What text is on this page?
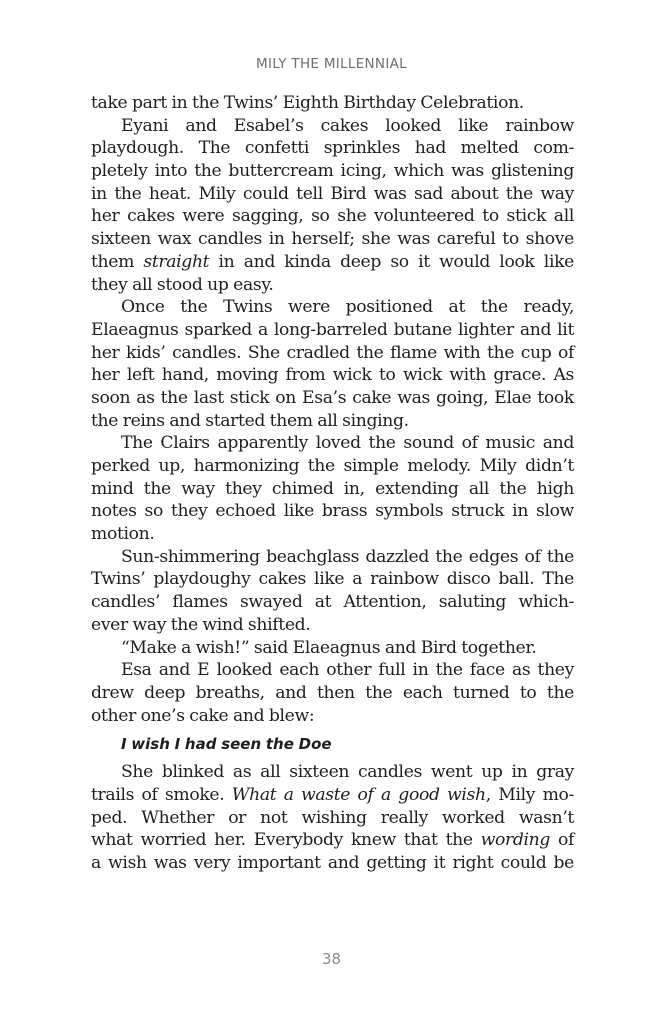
MILY THE MILLENNIAL
take part in the Twins’ Eighth Birthday Celebration.
Eyani and Esabel’s cakes looked like rainbow
playdough. The confetti sprinkles had melted com-
pletely into the buttercream icing, which was glistening
in the heat. Mily could tell Bird was sad about the way
her cakes were sagging, so she volunteered to stick all
sixteen wax candles in herself; she was careful to shove
them straight in and kinda deep so it would look like
they all stood up easy.
Once the Twins were positioned at the ready,
Elaeagnus sparked a long-barreled butane lighter and lit
her kids’ candles. She cradled the flame with the cup of
her left hand, moving from wick to wick with grace. As
soon as the last stick on Esa’s cake was going, Elae took
the reins and started them all singing.
The Clairs apparently loved the sound of music and
perked up, harmonizing the simple melody. Mily didn’t
mind the way they chimed in, extending all the high
notes so they echoed like brass symbols struck in slow
motion.
Sun-shimmering beachglass dazzled the edges of the
Twins’ playdoughy cakes like a rainbow disco ball. The
candles’ flames swayed at Attention, saluting which-
ever way the wind shifted.
“Make a wish!” said Elaeagnus and Bird together.
Esa and E looked each other full in the face as they
drew deep breaths, and then the each turned to the
other one’s cake and blew:
I wish I had seen the Doe
She blinked as all sixteen candles went up in gray
trails of smoke. What a waste of a good wish, Mily mo-
ped. Whether or not wishing really worked wasn’t
what worried her. Everybody knew that the wording of
a wish was very important and getting it right could be
38
